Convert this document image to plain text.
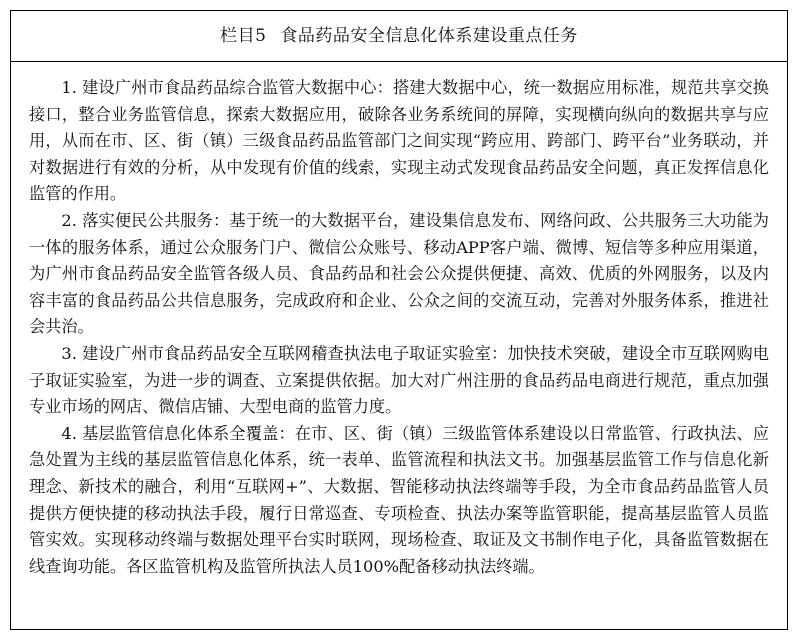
栏目5 食品药品安全信息化体系建设重点任务

1. 建设广州市食品药品综合监管大数据中心：搭建大数据中心，统一数据应用标准，规范共享交换接口，整合业务监管信息，探索大数据应用，破除各业务系统间的屏障，实现横向纵向的数据共享与应用，从而在市、区、街（镇）三级食品药品监管部门之间实现“跨应用、跨部门、跨平台”业务联动，并对数据进行有效的分析，从中发现有价值的线索，实现主动式发现食品药品安全问题，真正发挥信息化监管的作用。

2. 落实便民公共服务：基于统一的大数据平台，建设集信息发布、网络问政、公共服务三大功能为一体的服务体系，通过公众服务门户、微信公众账号、移动APP客户端、微博、短信等多种应用渠道，为广州市食品药品安全监管各级人员、食品药品和社会公众提供便捷、高效、优质的外网服务，以及内容丰富的食品药品公共信息服务，完成政府和企业、公众之间的交流互动，完善对外服务体系，推进社会共治。

3. 建设广州市食品药品安全互联网稽查执法电子取证实验室：加快技术突破，建设全市互联网购电子取证实验室，为进一步的调查、立案提供依据。加大对广州注册的食品药品电商进行规范，重点加强专业市场的网店、微信店铺、大型电商的监管力度。

4. 基层监管信息化体系全覆盖：在市、区、街（镇）三级监管体系建设以日常监管、行政执法、应急处置为主线的基层监管信息化体系，统一表单、监管流程和执法文书。加强基层监管工作与信息化新理念、新技术的融合，利用“互联网+”、大数据、智能移动执法终端等手段，为全市食品药品监管人员提供方便快捷的移动执法手段，履行日常巡查、专项检查、执法办案等监管职能，提高基层监管人员监管实效。实现移动终端与数据处理平台实时联网，现场检查、取证及文书制作电子化，具备监管数据在线查询功能。各区监管机构及监管所执法人员100%配备移动执法终端。
